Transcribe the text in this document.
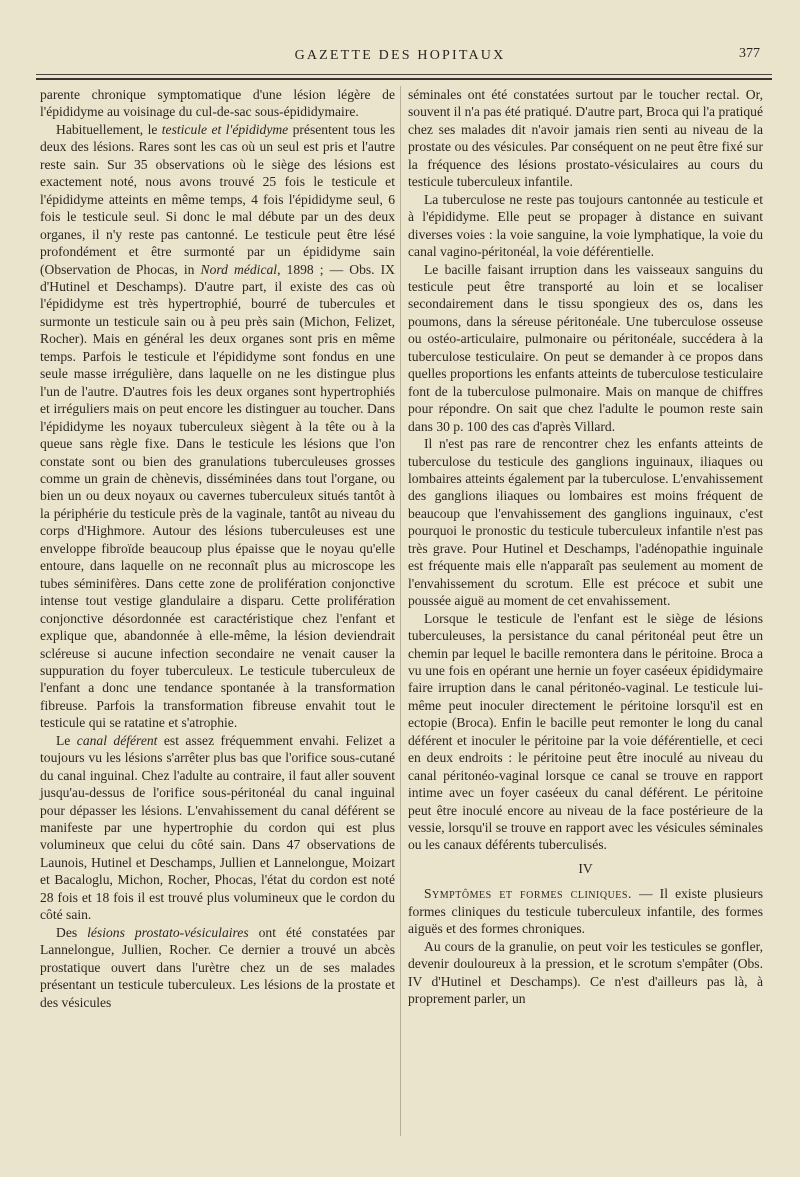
GAZETTE DES HOPITAUX	377

parente chronique symptomatique d'une lésion légère de l'épididyme au voisinage du cul-de-sac sous-épididymaire.

Habituellement, le testicule et l'épididyme présentent tous les deux des lésions. Rares sont les cas où un seul est pris et l'autre reste sain. Sur 35 observations où le siège des lésions est exactement noté, nous avons trouvé 25 fois le testicule et l'épididyme atteints en même temps, 4 fois l'épididyme seul, 6 fois le testicule seul. Si donc le mal débute par un des deux organes, il n'y reste pas cantonné. Le testicule peut être lésé profondément et être surmonté par un épididyme sain (Observation de Phocas, in Nord médical, 1898 ; — Obs. IX d'Hutinel et Deschamps). D'autre part, il existe des cas où l'épididyme est très hypertrophié, bourré de tubercules et surmonte un testicule sain ou à peu près sain (Michon, Felizet, Rocher). Mais en général les deux organes sont pris en même temps. Parfois le testicule et l'épididyme sont fondus en une seule masse irrégulière, dans laquelle on ne les distingue plus l'un de l'autre. D'autres fois les deux organes sont hypertrophiés et irréguliers mais on peut encore les distinguer au toucher. Dans l'épididyme les noyaux tuberculeux siègent à la tête ou à la queue sans règle fixe. Dans le testicule les lésions que l'on constate sont ou bien des granulations tuberculeuses grosses comme un grain de chènevis, disséminées dans tout l'organe, ou bien un ou deux noyaux ou cavernes tuberculeux situés tantôt à la périphérie du testicule près de la vaginale, tantôt au niveau du corps d'Highmore. Autour des lésions tuberculeuses est une enveloppe fibroïde beaucoup plus épaisse que le noyau qu'elle entoure, dans laquelle on ne reconnaît plus au microscope les tubes séminifères. Dans cette zone de prolifération conjonctive intense tout vestige glandulaire a disparu. Cette prolifération conjonctive désordonnée est caractéristique chez l'enfant et explique que, abandonnée à elle-même, la lésion deviendrait scléreuse si aucune infection secondaire ne venait causer la suppuration du foyer tuberculeux. Le testicule tuberculeux de l'enfant a donc une tendance spontanée à la transformation fibreuse. Parfois la transformation fibreuse envahit tout le testicule qui se ratatine et s'atrophie.

Le canal déférent est assez fréquemment envahi. Felizet a toujours vu les lésions s'arrêter plus bas que l'orifice sous-cutané du canal inguinal. Chez l'adulte au contraire, il faut aller souvent jusqu'au-dessus de l'orifice sous-péritonéal du canal inguinal pour dépasser les lésions. L'envahissement du canal déférent se manifeste par une hypertrophie du cordon qui est plus volumineux que celui du côté sain. Dans 47 observations de Launois, Hutinel et Deschamps, Jullien et Lannelongue, Moizart et Bacaloglu, Michon, Rocher, Phocas, l'état du cordon est noté 28 fois et 18 fois il est trouvé plus volumineux que le cordon du côté sain.

Des lésions prostato-vésiculaires ont été constatées par Lannelongue, Jullien, Rocher. Ce dernier a trouvé un abcès prostatique ouvert dans l'urètre chez un de ses malades présentant un testicule tuberculeux. Les lésions de la prostate et des vésicules

séminales ont été constatées surtout par le toucher rectal. Or, souvent il n'a pas été pratiqué. D'autre part, Broca qui l'a pratiqué chez ses malades dit n'avoir jamais rien senti au niveau de la prostate ou des vésicules. Par conséquent on ne peut être fixé sur la fréquence des lésions prostato-vésiculaires au cours du testicule tuberculeux infantile.

La tuberculose ne reste pas toujours cantonnée au testicule et à l'épididyme. Elle peut se propager à distance en suivant diverses voies : la voie sanguine, la voie lymphatique, la voie du canal vagino-péritonéal, la voie déférentielle.

Le bacille faisant irruption dans les vaisseaux sanguins du testicule peut être transporté au loin et se localiser secondairement dans le tissu spongieux des os, dans les poumons, dans la séreuse péritonéale. Une tuberculose osseuse ou ostéo-articulaire, pulmonaire ou péritonéale, succédera à la tuberculose testiculaire. On peut se demander à ce propos dans quelles proportions les enfants atteints de tuberculose testiculaire font de la tuberculose pulmonaire. Mais on manque de chiffres pour répondre. On sait que chez l'adulte le poumon reste sain dans 30 p. 100 des cas d'après Villard.

Il n'est pas rare de rencontrer chez les enfants atteints de tuberculose du testicule des ganglions inguinaux, iliaques ou lombaires atteints également par la tuberculose. L'envahissement des ganglions iliaques ou lombaires est moins fréquent de beaucoup que l'envahissement des ganglions inguinaux, c'est pourquoi le pronostic du testicule tuberculeux infantile n'est pas très grave. Pour Hutinel et Deschamps, l'adénopathie inguinale est fréquente mais elle n'apparaît pas seulement au moment de l'envahissement du scrotum. Elle est précoce et subit une poussée aiguë au moment de cet envahissement.

Lorsque le testicule de l'enfant est le siège de lésions tuberculeuses, la persistance du canal péritonéal peut être un chemin par lequel le bacille remontera dans le péritoine. Broca a vu une fois en opérant une hernie un foyer caséeux épididymaire faire irruption dans le canal péritonéo-vaginal. Le testicule lui-même peut inoculer directement le péritoine lorsqu'il est en ectopie (Broca). Enfin le bacille peut remonter le long du canal déférent et inoculer le péritoine par la voie déférentielle, et ceci en deux endroits : le péritoine peut être inoculé au niveau du canal péritonéo-vaginal lorsque ce canal se trouve en rapport intime avec un foyer caséeux du canal déférent. Le péritoine peut être inoculé encore au niveau de la face postérieure de la vessie, lorsqu'il se trouve en rapport avec les vésicules séminales ou les canaux déférents tuberculisés.

IV

Symptômes et formes cliniques. — Il existe plusieurs formes cliniques du testicule tuberculeux infantile, des formes aiguës et des formes chroniques.

Au cours de la granulie, on peut voir les testicules se gonfler, devenir douloureux à la pression, et le scrotum s'empâter (Obs. IV d'Hutinel et Deschamps). Ce n'est d'ailleurs pas là, à proprement parler, un
